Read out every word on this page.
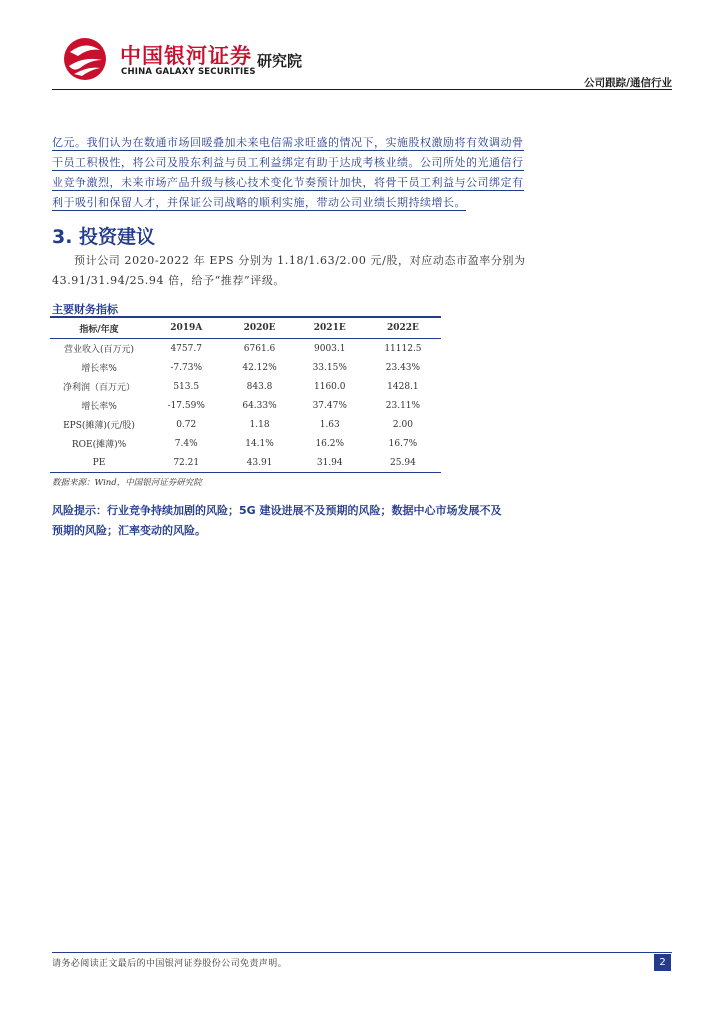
中国银河证券
CHINA GALAXY SECURITIES
研究院
公司跟踪/通信行业
亿元。我们认为在数通市场回暖叠加未来电信需求旺盛的情况下，实施股权激励将有效调动骨
干员工积极性，将公司及股东利益与员工利益绑定有助于达成考核业绩。公司所处的光通信行
业竞争激烈，未来市场产品升级与核心技术变化节奏预计加快，将骨干员工利益与公司绑定有
利于吸引和保留人才，并保证公司战略的顺利实施，带动公司业绩长期持续增长。
3. 投资建议
预计公司 2020-2022 年 EPS 分别为 1.18/1.63/2.00 元/股，对应动态市盈率分别为
43.91/31.94/25.94 倍，给予“推荐”评级。
主要财务指标
指标/年度	2019A	2020E	2021E	2022E
营业收入(百万元)	4757.7	6761.6	9003.1	11112.5
增长率%	-7.73%	42.12%	33.15%	23.43%
净利润（百万元）	513.5	843.8	1160.0	1428.1
增长率%	-17.59%	64.33%	37.47%	23.11%
EPS(摊薄)(元/股)	0.72	1.18	1.63	2.00
ROE(摊薄)%	7.4%	14.1%	16.2%	16.7%
PE	72.21	43.91	31.94	25.94
数据来源：Wind，中国银河证券研究院
风险提示：行业竞争持续加剧的风险；5G 建设进展不及预期的风险；数据中心市场发展不及
预期的风险；汇率变动的风险。
请务必阅读正文最后的中国银河证券股份公司免责声明。	2
